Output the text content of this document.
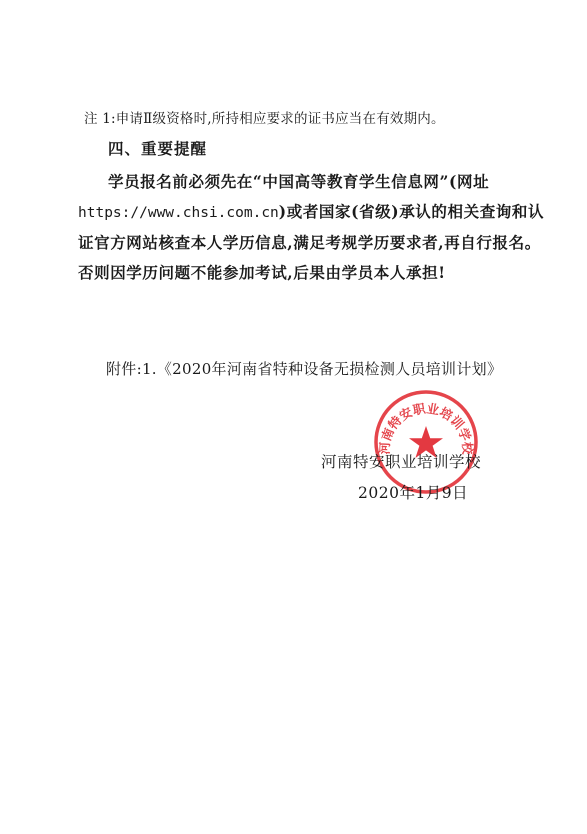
注 1:申请Ⅱ级资格时,所持相应要求的证书应当在有效期内。
四、重要提醒
学员报名前必须先在“中国高等教育学生信息网”(网址
https://www.chsi.com.cn)或者国家(省级)承认的相关查询和认
证官方网站核查本人学历信息,满足考规学历要求者,再自行报名。
否则因学历问题不能参加考试,后果由学员本人承担!
附件:1.《2020年河南省特种设备无损检测人员培训计划》
河南特安职业培训学校
河南特安职业培训学校
2020年1月9日
